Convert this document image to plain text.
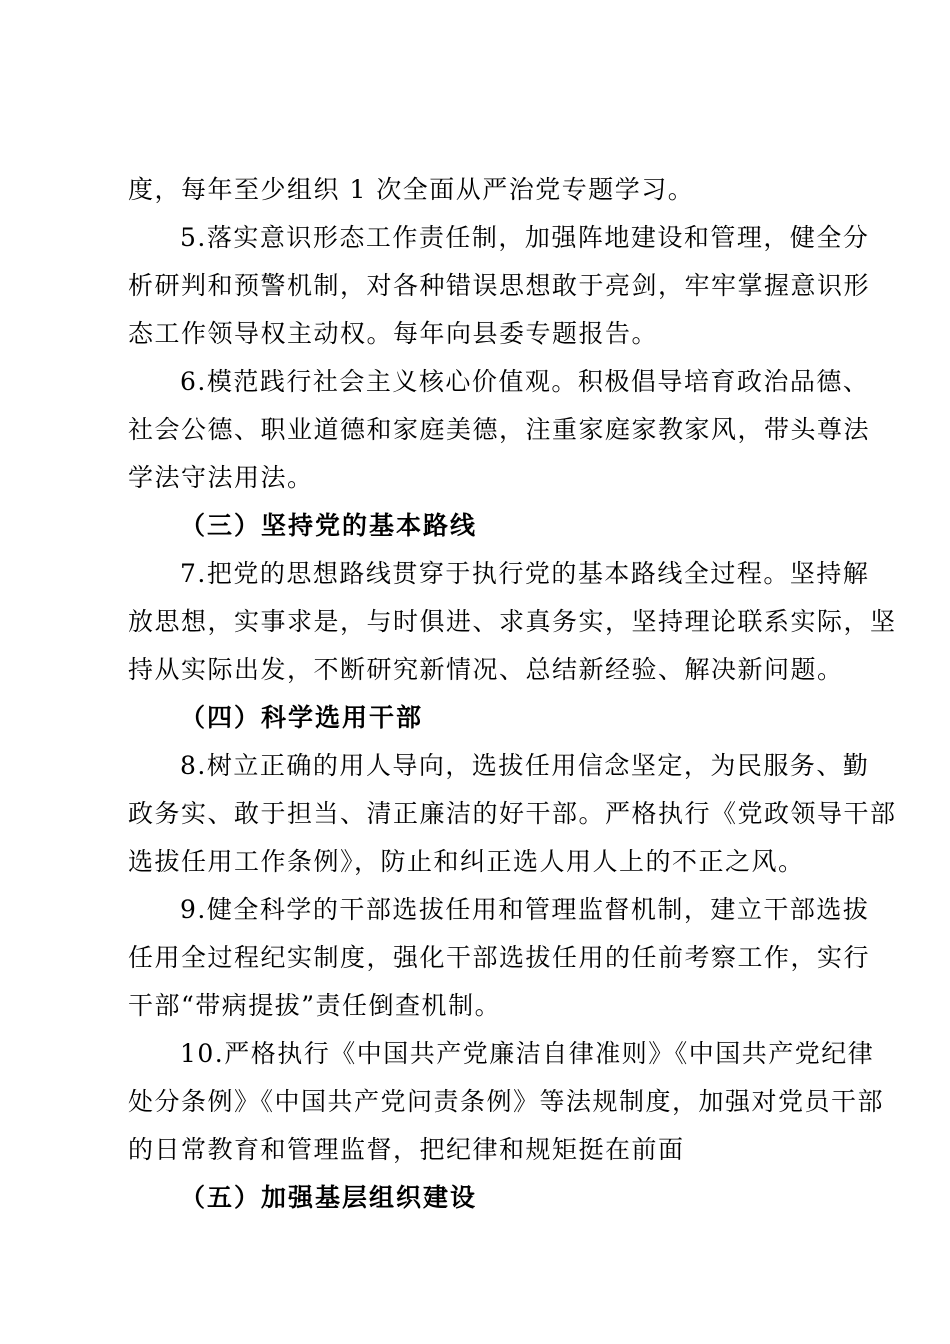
度，每年至少组织 1 次全面从严治党专题学习。
5.落实意识形态工作责任制，加强阵地建设和管理，健全分
析研判和预警机制，对各种错误思想敢于亮剑，牢牢掌握意识形
态工作领导权主动权。每年向县委专题报告。
6.模范践行社会主义核心价值观。积极倡导培育政治品德、
社会公德、职业道德和家庭美德，注重家庭家教家风，带头尊法
学法守法用法。
（三）坚持党的基本路线
7.把党的思想路线贯穿于执行党的基本路线全过程。坚持解
放思想，实事求是，与时俱进、求真务实，坚持理论联系实际，坚
持从实际出发，不断研究新情况、总结新经验、解决新问题。
（四）科学选用干部
8.树立正确的用人导向，选拔任用信念坚定，为民服务、勤
政务实、敢于担当、清正廉洁的好干部。严格执行《党政领导干部
选拔任用工作条例》，防止和纠正选人用人上的不正之风。
9.健全科学的干部选拔任用和管理监督机制，建立干部选拔
任用全过程纪实制度，强化干部选拔任用的任前考察工作，实行
干部“带病提拔”责任倒查机制。
10.严格执行《中国共产党廉洁自律准则》《中国共产党纪律
处分条例》《中国共产党问责条例》等法规制度，加强对党员干部
的日常教育和管理监督，把纪律和规矩挺在前面
（五）加强基层组织建设
